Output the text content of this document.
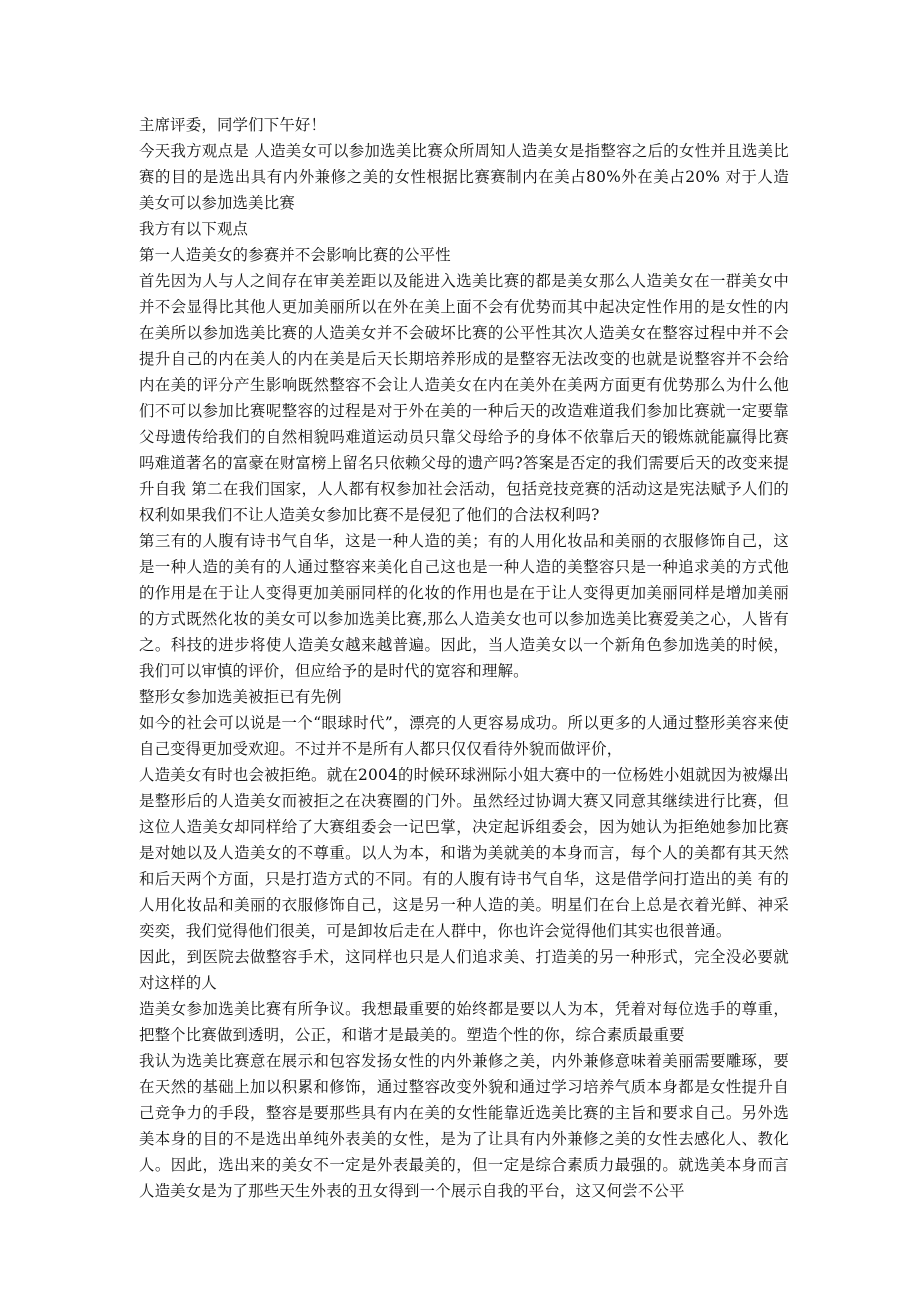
主席评委，同学们下午好！

今天我方观点是 人造美女可以参加选美比赛众所周知人造美女是指整容之后的女性并且选美比赛的目的是选出具有内外兼修之美的女性根据比赛赛制内在美占80%外在美占20% 对于人造美女可以参加选美比赛

我方有以下观点

第一人造美女的参赛并不会影响比赛的公平性

首先因为人与人之间存在审美差距以及能进入选美比赛的都是美女那么人造美女在一群美女中并不会显得比其他人更加美丽所以在外在美上面不会有优势而其中起决定性作用的是女性的内在美所以参加选美比赛的人造美女并不会破坏比赛的公平性其次人造美女在整容过程中并不会提升自己的内在美人的内在美是后天长期培养形成的是整容无法改变的也就是说整容并不会给内在美的评分产生影响既然整容不会让人造美女在内在美外在美两方面更有优势那么为什么他们不可以参加比赛呢整容的过程是对于外在美的一种后天的改造难道我们参加比赛就一定要靠父母遗传给我们的自然相貌吗难道运动员只靠父母给予的身体不依靠后天的锻炼就能赢得比赛吗难道著名的富豪在财富榜上留名只依赖父母的遗产吗?答案是否定的我们需要后天的改变来提升自我 第二在我们国家，人人都有权参加社会活动，包括竞技竞赛的活动这是宪法赋予人们的权利如果我们不让人造美女参加比赛不是侵犯了他们的合法权利吗?

第三有的人腹有诗书气自华，这是一种人造的美；有的人用化妆品和美丽的衣服修饰自己，这是一种人造的美有的人通过整容来美化自己这也是一种人造的美整容只是一种追求美的方式他的作用是在于让人变得更加美丽同样的化妆的作用也是在于让人变得更加美丽同样是增加美丽的方式既然化妆的美女可以参加选美比赛,那么人造美女也可以参加选美比赛爱美之心，人皆有之。科技的进步将使人造美女越来越普遍。因此，当人造美女以一个新角色参加选美的时候，我们可以审慎的评价，但应给予的是时代的宽容和理解。

整形女参加选美被拒已有先例

如今的社会可以说是一个“眼球时代”，漂亮的人更容易成功。所以更多的人通过整形美容来使自己变得更加受欢迎。不过并不是所有人都只仅仅看待外貌而做评价，

人造美女有时也会被拒绝。就在2004的时候环球洲际小姐大赛中的一位杨姓小姐就因为被爆出是整形后的人造美女而被拒之在决赛圈的门外。虽然经过协调大赛又同意其继续进行比赛，但这位人造美女却同样给了大赛组委会一记巴掌，决定起诉组委会，因为她认为拒绝她参加比赛是对她以及人造美女的不尊重。以人为本，和谐为美就美的本身而言，每个人的美都有其天然和后天两个方面，只是打造方式的不同。有的人腹有诗书气自华，这是借学问打造出的美 有的人用化妆品和美丽的衣服修饰自己，这是另一种人造的美。明星们在台上总是衣着光鲜、神采奕奕，我们觉得他们很美，可是卸妆后走在人群中，你也许会觉得他们其实也很普通。

因此，到医院去做整容手术，这同样也只是人们追求美、打造美的另一种形式，完全没必要就对这样的人

造美女参加选美比赛有所争议。我想最重要的始终都是要以人为本，凭着对每位选手的尊重，把整个比赛做到透明，公正，和谐才是最美的。塑造个性的你，综合素质最重要

我认为选美比赛意在展示和包容发扬女性的内外兼修之美，内外兼修意味着美丽需要雕琢，要在天然的基础上加以积累和修饰，通过整容改变外貌和通过学习培养气质本身都是女性提升自己竞争力的手段，整容是要那些具有内在美的女性能靠近选美比赛的主旨和要求自己。另外选美本身的目的不是选出单纯外表美的女性，是为了让具有内外兼修之美的女性去感化人、教化人。因此，选出来的美女不一定是外表最美的，但一定是综合素质力最强的。就选美本身而言人造美女是为了那些天生外表的丑女得到一个展示自我的平台，这又何尝不公平
